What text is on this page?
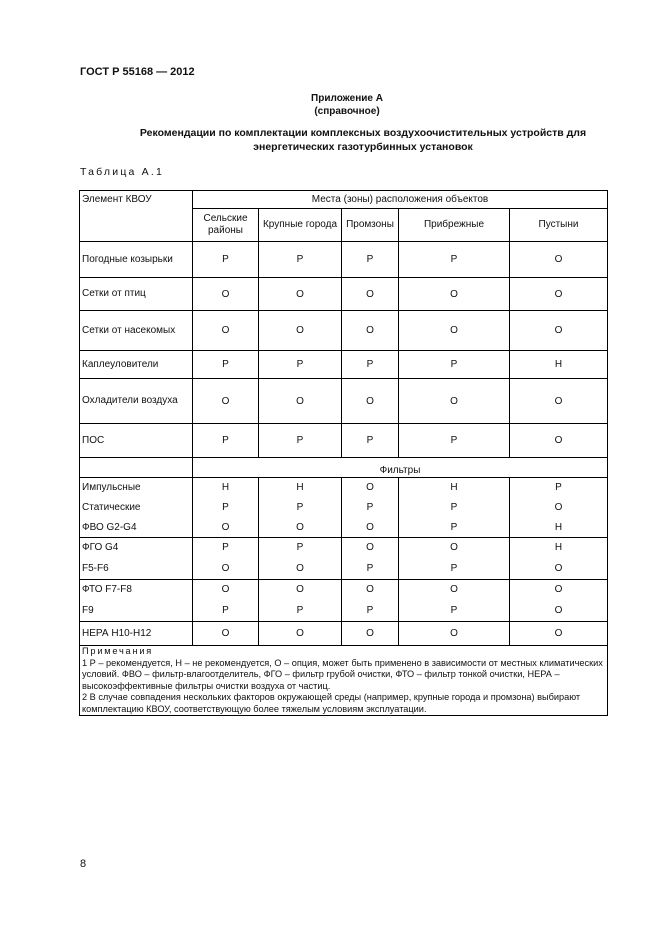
ГОСТ Р 55168 — 2012
Приложение А
(справочное)
Рекомендации по комплектации комплексных воздухоочистительных устройств для энергетических газотурбинных установок
Таблица А.1
Элемент КВОУ	Места (зоны) расположения объектов				
	Сельские районы	Крупные города	Промзоны	Прибрежные	Пустыни
Погодные козырьки	Р	Р	Р	Р	О
Сетки от птиц	О	О	О	О	О
Сетки от насекомых	О	О	О	О	О
Каплеуловители	Р	Р	Р	Р	Н
Охладители воздуха	О	О	О	О	О
ПОС	Р	Р	Р	Р	О
	Фильтры				
Импульсные	Н	Н	О	Н	Р
Статические	Р	Р	Р	Р	О
ФВО G2-G4	О	О	О	Р	Н
ФГО G4	Р	Р	О	О	Н
F5-F6	О	О	Р	Р	О
ФТО F7-F8	О	О	О	О	О
F9	Р	Р	Р	Р	О
НЕРА Н10-Н12	О	О	О	О	О

Примечания
1 Р – рекомендуется, Н – не рекомендуется, О – опция, может быть применено в зависимости от местных климатических условий. ФВО – фильтр-влагоотделитель, ФГО – фильтр грубой очистки, ФТО – фильтр тонкой очистки, НЕРА – высокоэффективные фильтры очистки воздуха от частиц.
2 В случае совпадения нескольких факторов окружающей среды (например, крупные города и промзона) выбирают комплектацию КВОУ, соответствующую более тяжелым условиям эксплуатации.					
8
